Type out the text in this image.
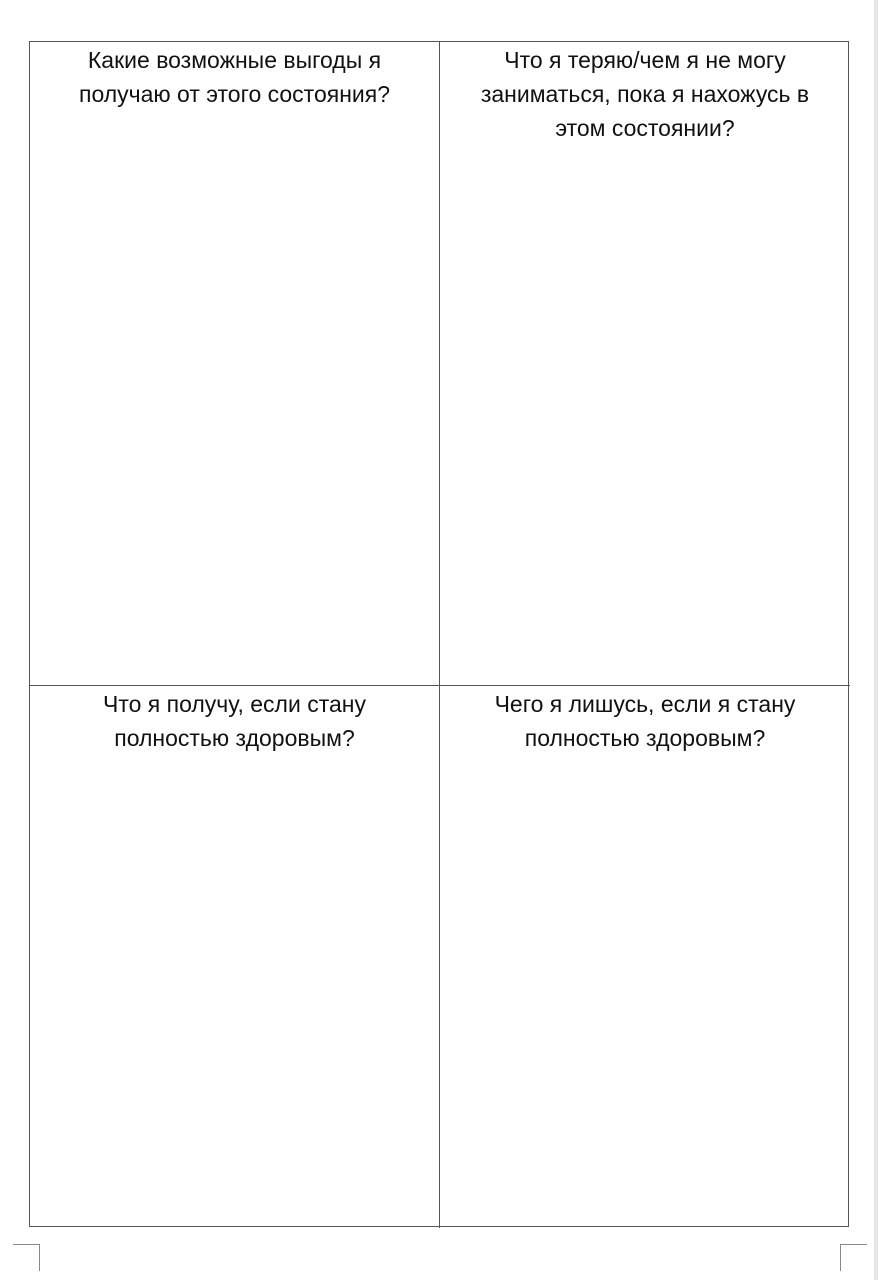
Какие возможные выгоды я получаю от этого состояния?
Что я теряю/чем я не могу заниматься, пока я нахожусь в этом состоянии?
Что я получу, если стану полностью здоровым?
Чего я лишусь, если я стану полностью здоровым?
